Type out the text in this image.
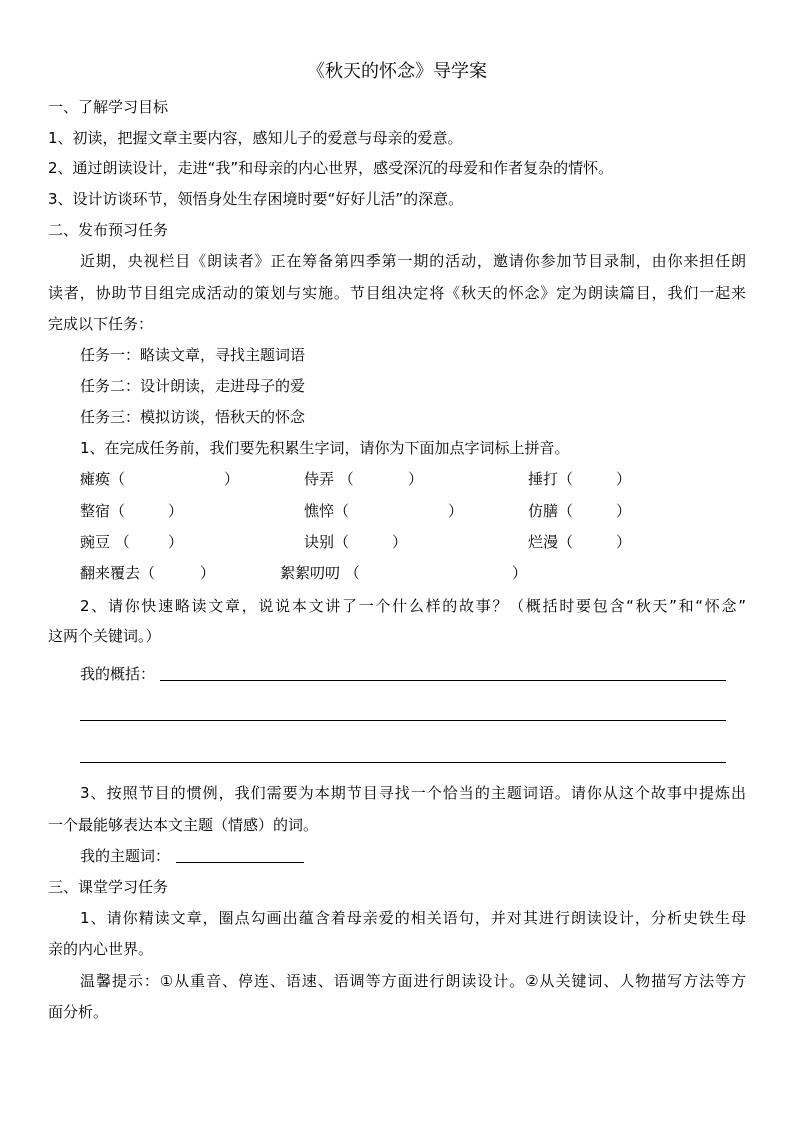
《秋天的怀念》导学案
一、了解学习目标
1、初读，把握文章主要内容，感知儿子的爱意与母亲的爱意。
2、通过朗读设计，走进“我”和母亲的内心世界，感受深沉的母爱和作者复杂的情怀。
3、设计访谈环节，领悟身处生存困境时要“好好儿活”的深意。
二、发布预习任务
近期，央视栏目《朗读者》正在筹备第四季第一期的活动，邀请你参加节目录制，由你来担任朗
读者，协助节目组完成活动的策划与实施。节目组决定将《秋天的怀念》定为朗读篇目，我们一起来
完成以下任务：
任务一：略读文章，寻找主题词语
任务二：设计朗读，走进母子的爱
任务三：模拟访谈，悟秋天的怀念
1、在完成任务前，我们要先积累生字词，请你为下面加点字词标上拼音。
瘫痪（	）	侍弄 （	）	捶打（	）
整宿（	）	憔悴（	）	仿膳（	）
豌豆 （	）	诀别（	）	烂漫（	）
翻来覆去（	）	絮絮叨叨 （	）
2、请你快速略读文章，说说本文讲了一个什么样的故事？（概括时要包含“秋天”和“怀念”
这两个关键词。）
我的概括：
3、按照节目的惯例，我们需要为本期节目寻找一个恰当的主题词语。请你从这个故事中提炼出
一个最能够表达本文主题（情感）的词。
我的主题词：
三、课堂学习任务
1、请你精读文章，圈点勾画出蕴含着母亲爱的相关语句，并对其进行朗读设计，分析史铁生母
亲的内心世界。
温馨提示：①从重音、停连、语速、语调等方面进行朗读设计。②从关键词、人物描写方法等方
面分析。
